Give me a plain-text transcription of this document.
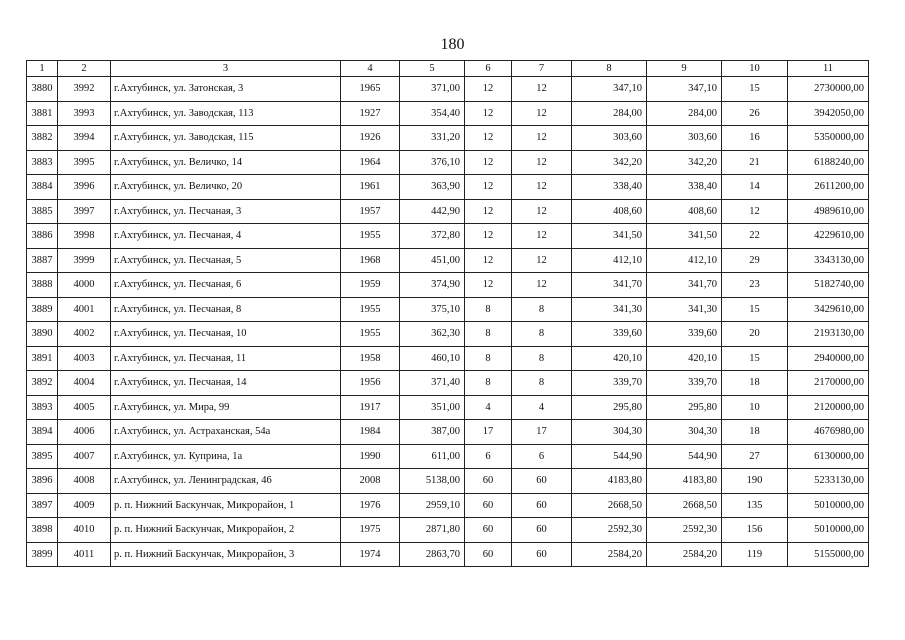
180
1	2	3	4	5	6	7	8	9	10	11
3880	3992	г.Ахтубинск, ул. Затонская, 3	1965	371,00	12	12	347,10	347,10	15	2730000,00
3881	3993	г.Ахтубинск, ул. Заводская, 113	1927	354,40	12	12	284,00	284,00	26	3942050,00
3882	3994	г.Ахтубинск, ул. Заводская, 115	1926	331,20	12	12	303,60	303,60	16	5350000,00
3883	3995	г.Ахтубинск, ул. Величко, 14	1964	376,10	12	12	342,20	342,20	21	6188240,00
3884	3996	г.Ахтубинск, ул. Величко, 20	1961	363,90	12	12	338,40	338,40	14	2611200,00
3885	3997	г.Ахтубинск, ул. Песчаная, 3	1957	442,90	12	12	408,60	408,60	12	4989610,00
3886	3998	г.Ахтубинск, ул. Песчаная, 4	1955	372,80	12	12	341,50	341,50	22	4229610,00
3887	3999	г.Ахтубинск, ул. Песчаная, 5	1968	451,00	12	12	412,10	412,10	29	3343130,00
3888	4000	г.Ахтубинск, ул. Песчаная, 6	1959	374,90	12	12	341,70	341,70	23	5182740,00
3889	4001	г.Ахтубинск, ул. Песчаная, 8	1955	375,10	8	8	341,30	341,30	15	3429610,00
3890	4002	г.Ахтубинск, ул. Песчаная, 10	1955	362,30	8	8	339,60	339,60	20	2193130,00
3891	4003	г.Ахтубинск, ул. Песчаная, 11	1958	460,10	8	8	420,10	420,10	15	2940000,00
3892	4004	г.Ахтубинск, ул. Песчаная, 14	1956	371,40	8	8	339,70	339,70	18	2170000,00
3893	4005	г.Ахтубинск, ул. Мира, 99	1917	351,00	4	4	295,80	295,80	10	2120000,00
3894	4006	г.Ахтубинск, ул. Астраханская, 54а	1984	387,00	17	17	304,30	304,30	18	4676980,00
3895	4007	г.Ахтубинск, ул. Куприна, 1а	1990	611,00	6	6	544,90	544,90	27	6130000,00
3896	4008	г.Ахтубинск, ул. Ленинградская, 46	2008	5138,00	60	60	4183,80	4183,80	190	5233130,00
3897	4009	р. п. Нижний Баскунчак, Микрорайон, 1	1976	2959,10	60	60	2668,50	2668,50	135	5010000,00
3898	4010	р. п. Нижний Баскунчак, Микрорайон, 2	1975	2871,80	60	60	2592,30	2592,30	156	5010000,00
3899	4011	р. п. Нижний Баскунчак, Микрорайон, 3	1974	2863,70	60	60	2584,20	2584,20	119	5155000,00
